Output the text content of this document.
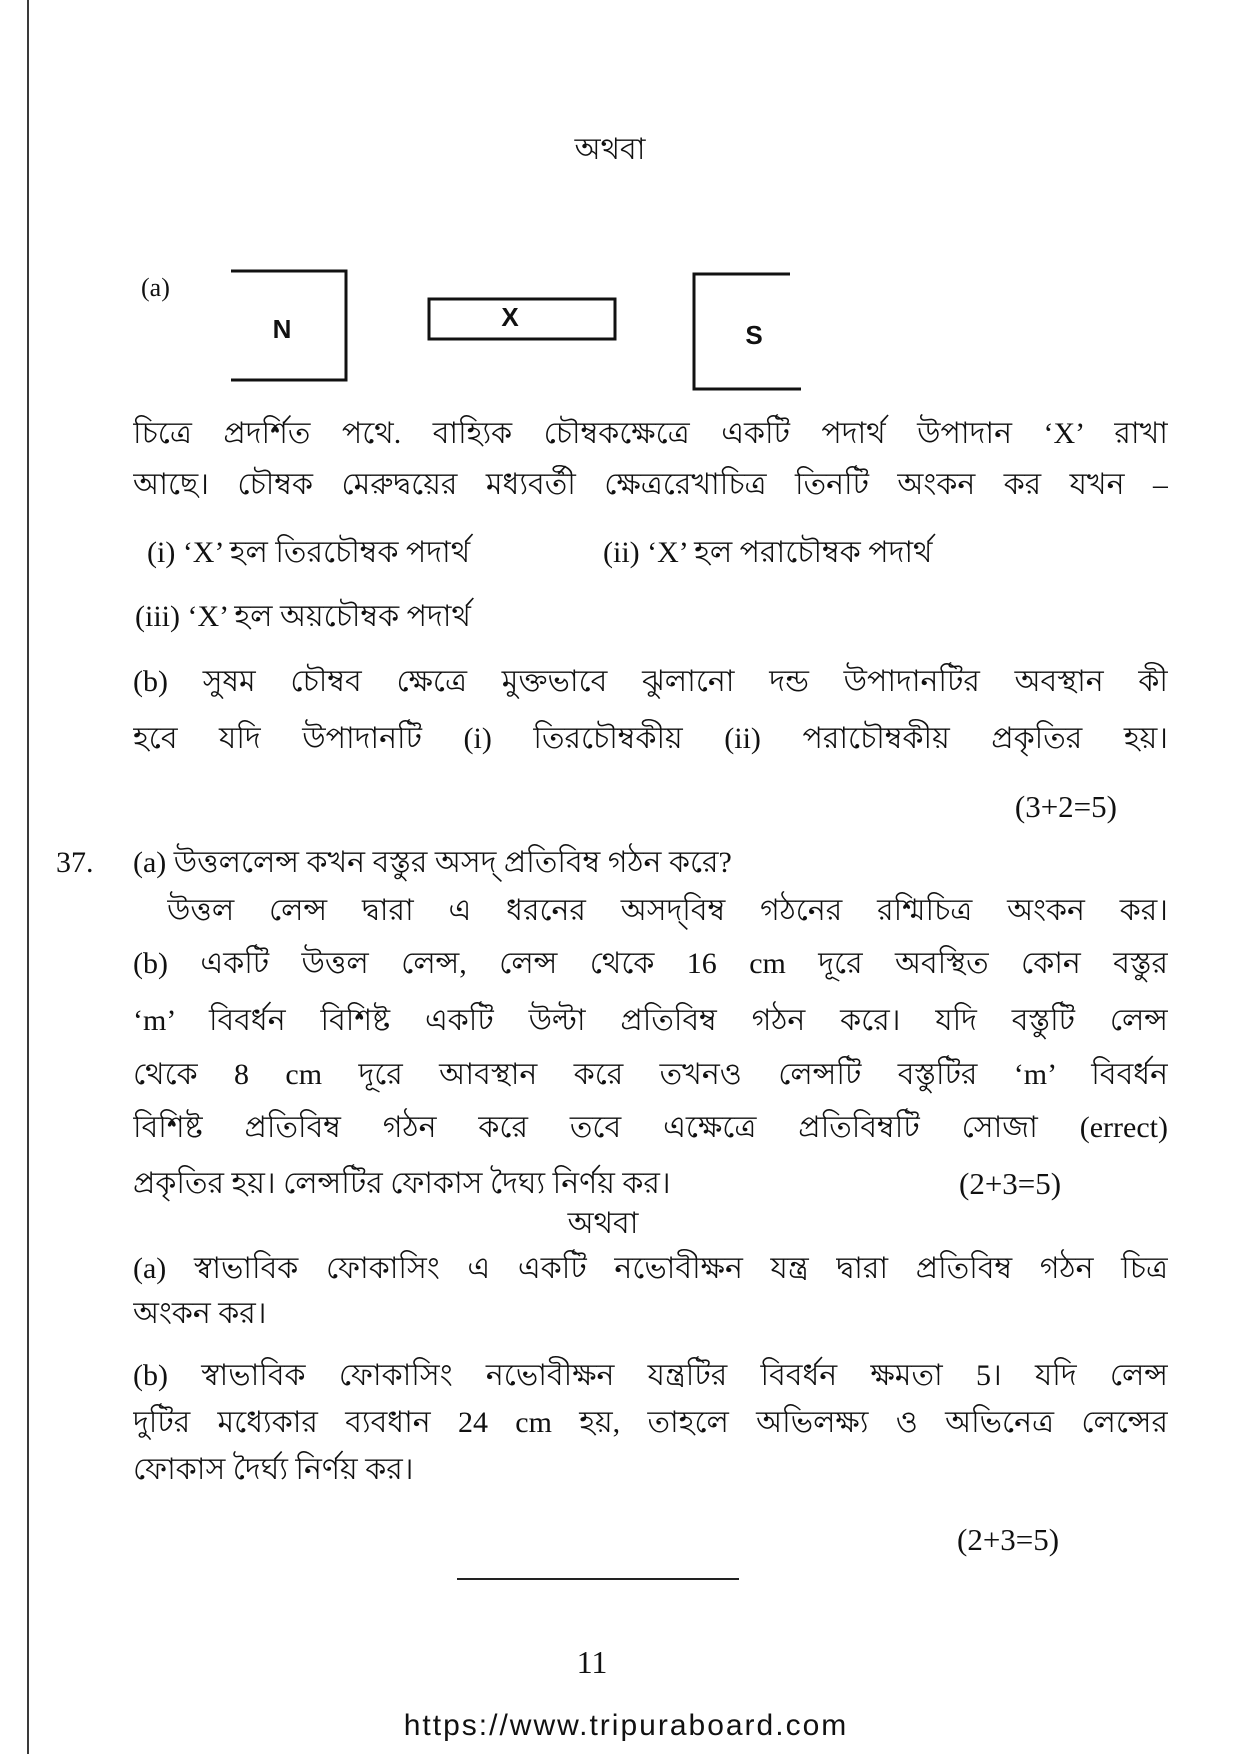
অথবা
(a)
N	X
S
চিত্রে প্রদর্শিত পথে. বাহ্যিক চৌম্বকক্ষেত্রে একটি পদার্থ উপাদান ‘X’ রাখা
আছে। চৌম্বক মেরুদ্বয়ের মধ্যবর্তী ক্ষেত্ররেখাচিত্র তিনটি অংকন কর যখন –
(i) ‘X’ হল তিরচৌম্বক পদার্থ	(ii) ‘X’ হল পরাচৌম্বক পদার্থ
(iii) ‘X’ হল অয়চৌম্বক পদার্থ
(b) সুষম চৌম্বব ক্ষেত্রে মুক্তভাবে ঝুলানো দন্ড উপাদানটির অবস্থান কী
হবে যদি উপাদানটি (i) তিরচৌম্বকীয় (ii) পরাচৌম্বকীয় প্রকৃতির হয়।
(3+2=5)
37.	(a) উত্তললেন্স কখন বস্তুর অসদ্ প্রতিবিম্ব গঠন করে?
উত্তল লেন্স দ্বারা এ ধরনের অসদ্‌বিম্ব গঠনের রশ্মিচিত্র অংকন কর।
(b) একটি উত্তল লেন্স, লেন্স থেকে 16 cm দূরে অবস্থিত কোন বস্তুর
‘m’ বিবর্ধন বিশিষ্ট একটি উল্টা প্রতিবিম্ব গঠন করে। যদি বস্তুটি লেন্স
থেকে 8 cm দূরে আবস্থান করে তখনও লেন্সটি বস্তুটির ‘m’ বিবর্ধন
বিশিষ্ট প্রতিবিম্ব গঠন করে তবে এক্ষেত্রে প্রতিবিম্বটি সোজা (errect)
প্রকৃতির হয়। লেন্সটির ফোকাস দৈঘ্য নির্ণয় কর।	(2+3=5)
অথবা
(a) স্বাভাবিক ফোকাসিং এ একটি নভোবীক্ষন যন্ত্র দ্বারা প্রতিবিম্ব গঠন চিত্র
অংকন কর।
(b) স্বাভাবিক ফোকাসিং নভোবীক্ষন যন্ত্রটির বিবর্ধন ক্ষমতা 5। যদি লেন্স
দুটির মধ্যেকার ব্যবধান 24 cm হয়, তাহলে অভিলক্ষ্য ও অভিনেত্র লেন্সের
ফোকাস দৈর্ঘ্য নির্ণয় কর।
(2+3=5)
11
https://www.tripuraboard.com
